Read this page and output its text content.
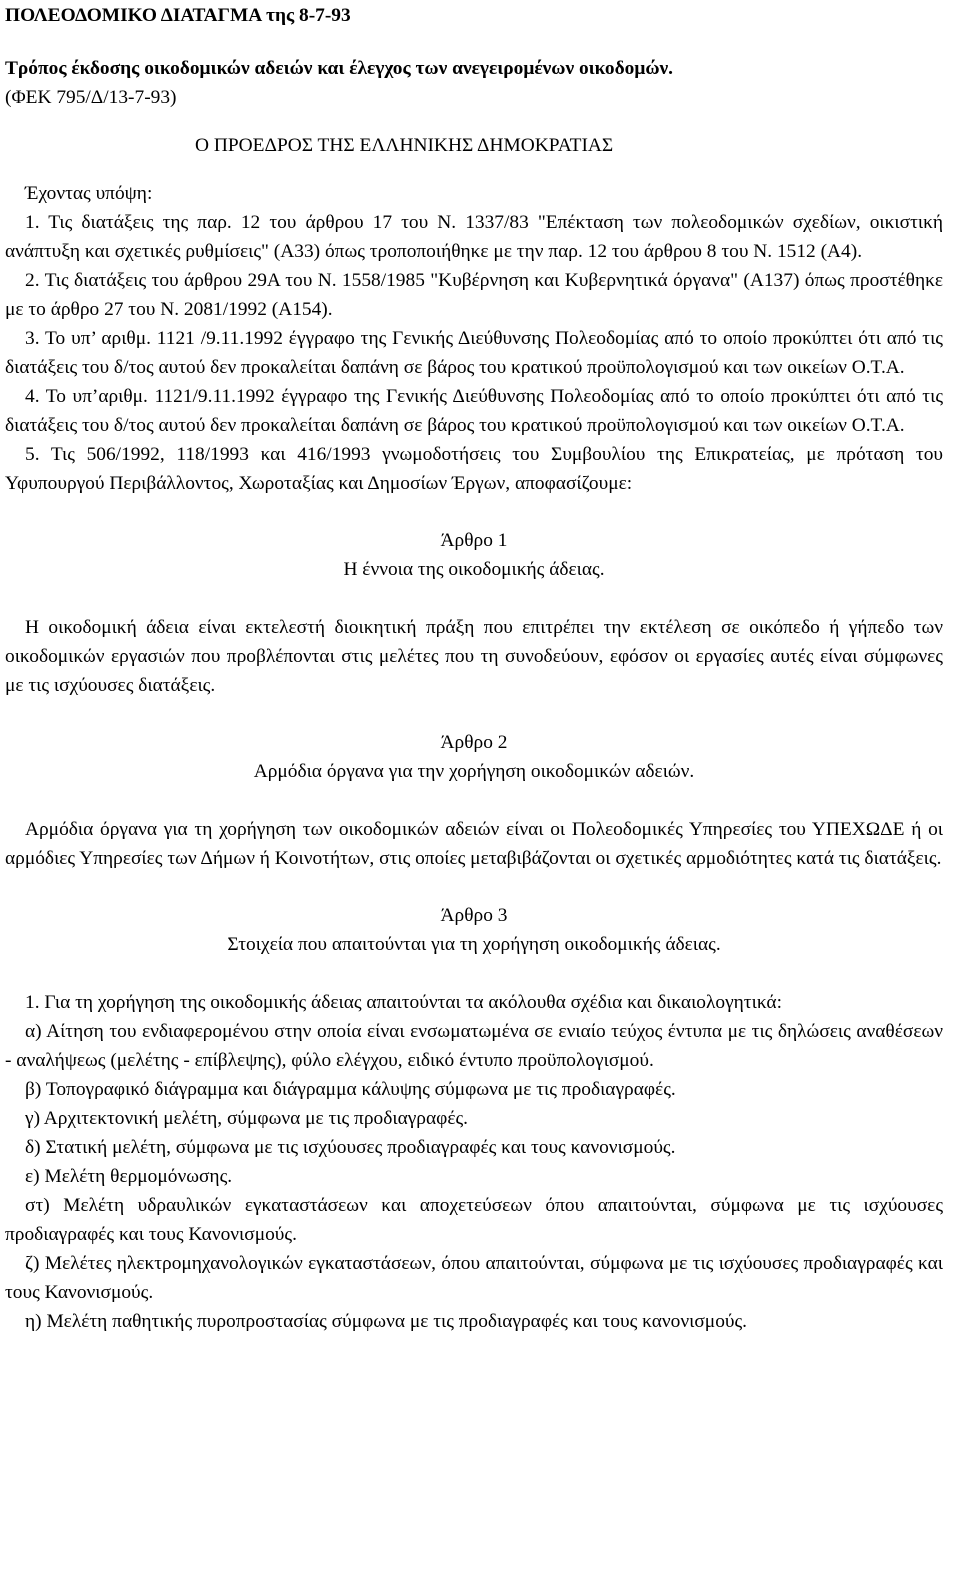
ΠΟΛΕΟΔΟΜΙΚΟ ΔΙΑΤΑΓΜΑ της 8-7-93
Τρόπος έκδοσης οικοδομικών αδειών και έλεγχος των ανεγειρομένων οικοδομών.
(ΦΕΚ 795/Δ/13-7-93)
Ο ΠΡΟΕΔΡΟΣ ΤΗΣ ΕΛΛΗΝΙΚΗΣ ΔΗΜΟΚΡΑΤΙΑΣ
Έχοντας υπόψη:
1. Τις διατάξεις της παρ. 12 του άρθρου 17 του Ν. 1337/83 "Επέκταση των πολεοδομικών σχεδίων, οικιστική ανάπτυξη και σχετικές ρυθμίσεις" (Α33) όπως τροποποιήθηκε με την παρ. 12 του άρθρου 8 του Ν. 1512 (Α4).
2. Τις διατάξεις του άρθρου 29Α του Ν. 1558/1985 "Κυβέρνηση και Κυβερνητικά όργανα" (Α137) όπως προστέθηκε με το άρθρο 27 του Ν. 2081/1992 (Α154).
3. Το υπ’ αριθμ. 1121 /9.11.1992 έγγραφο της Γενικής Διεύθυνσης Πολεοδομίας από το οποίο προκύπτει ότι από τις διατάξεις του δ/τος αυτού δεν προκαλείται δαπάνη σε βάρος του κρατικού προϋπολογισμού και των οικείων Ο.Τ.Α.
4. Το υπ’αριθμ. 1121/9.11.1992 έγγραφο της Γενικής Διεύθυνσης Πολεοδομίας από το οποίο προκύπτει ότι από τις διατάξεις του δ/τος αυτού δεν προκαλείται δαπάνη σε βάρος του κρατικού προϋπολογισμού και των οικείων Ο.Τ.Α.
5. Τις 506/1992, 118/1993 και 416/1993 γνωμοδοτήσεις του Συμβουλίου της Επικρατείας, με πρόταση του Υφυπουργού Περιβάλλοντος, Χωροταξίας και Δημοσίων Έργων, αποφασίζουμε:
Άρθρο 1
Η έννοια της οικοδομικής άδειας.
Η οικοδομική άδεια είναι εκτελεστή διοικητική πράξη που επιτρέπει την εκτέλεση σε οικόπεδο ή γήπεδο των οικοδομικών εργασιών που προβλέπονται στις μελέτες που τη συνοδεύουν, εφόσον οι εργασίες αυτές είναι σύμφωνες με τις ισχύουσες διατάξεις.
Άρθρο 2
Αρμόδια όργανα για την χορήγηση οικοδομικών αδειών.
Αρμόδια όργανα για τη χορήγηση των οικοδομικών αδειών είναι οι Πολεοδομικές Υπηρεσίες του ΥΠΕΧΩΔΕ ή οι αρμόδιες Υπηρεσίες των Δήμων ή Κοινοτήτων, στις οποίες μεταβιβάζονται οι σχετικές αρμοδιότητες κατά τις διατάξεις.
Άρθρο 3
Στοιχεία που απαιτούνται για τη χορήγηση οικοδομικής άδειας.
1. Για τη χορήγηση της οικοδομικής άδειας απαιτούνται τα ακόλουθα σχέδια και δικαιολογητικά:
α) Αίτηση του ενδιαφερομένου στην οποία είναι ενσωματωμένα σε ενιαίο τεύχος έντυπα με τις δηλώσεις αναθέσεων - αναλήψεως (μελέτης - επίβλεψης), φύλο ελέγχου, ειδικό έντυπο προϋπολογισμού.
β) Τοπογραφικό διάγραμμα και διάγραμμα κάλυψης σύμφωνα με τις προδιαγραφές.
γ) Αρχιτεκτονική μελέτη, σύμφωνα με τις προδιαγραφές.
δ) Στατική μελέτη, σύμφωνα με τις ισχύουσες προδιαγραφές και τους κανονισμούς.
ε) Μελέτη θερμομόνωσης.
στ) Μελέτη υδραυλικών εγκαταστάσεων και αποχετεύσεων όπου απαιτούνται, σύμφωνα με τις ισχύουσες προδιαγραφές και τους Κανονισμούς.
ζ) Μελέτες ηλεκτρομηχανολογικών εγκαταστάσεων, όπου απαιτούνται, σύμφωνα με τις ισχύουσες προδιαγραφές και τους Κανονισμούς.
η) Μελέτη παθητικής πυροπροστασίας σύμφωνα με τις προδιαγραφές και τους κανονισμούς.
